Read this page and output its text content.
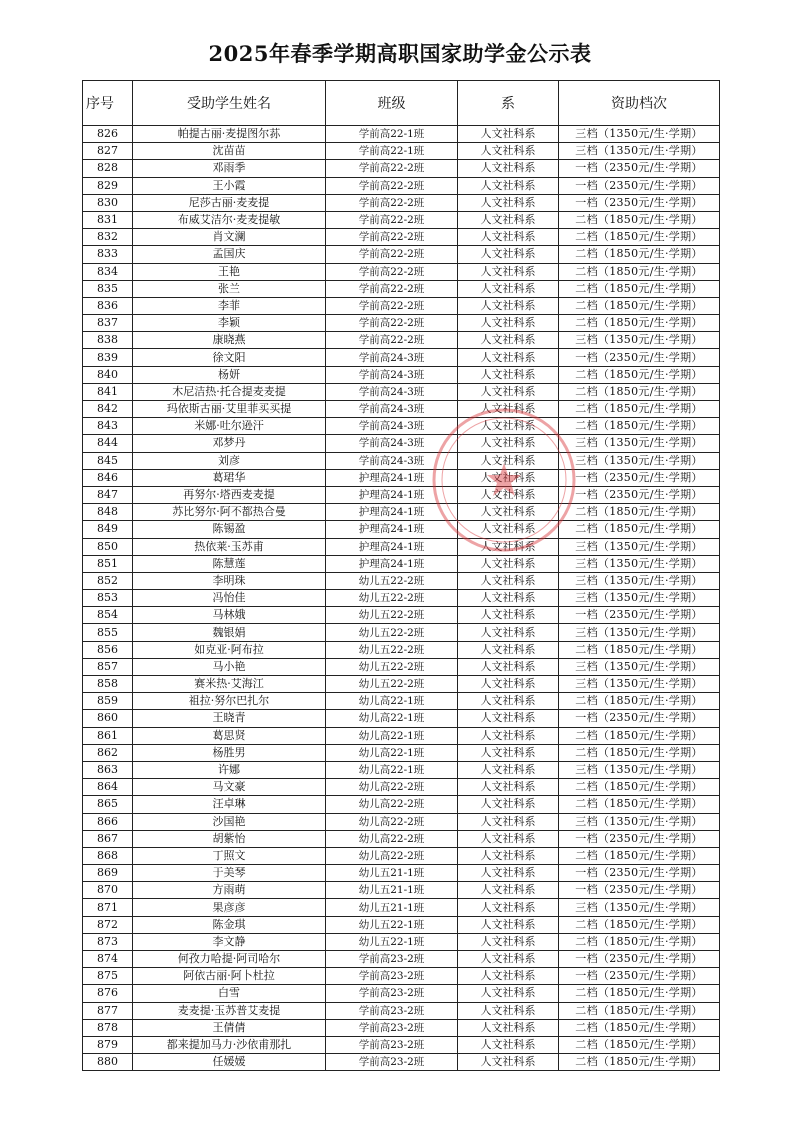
2025年春季学期高职国家助学金公示表
序号	受助学生姓名	班级	系	资助档次
826	帕提古丽·麦提图尔荪	学前高22-1班	人文社科系	三档（1350元/生·学期）
827	沈苗苗	学前高22-1班	人文社科系	三档（1350元/生·学期）
828	邓雨季	学前高22-2班	人文社科系	一档（2350元/生·学期）
829	王小霞	学前高22-2班	人文社科系	一档（2350元/生·学期）
830	尼莎古丽·麦麦提	学前高22-2班	人文社科系	一档（2350元/生·学期）
831	布威艾洁尔·麦麦提敏	学前高22-2班	人文社科系	二档（1850元/生·学期）
832	肖文澜	学前高22-2班	人文社科系	二档（1850元/生·学期）
833	孟国庆	学前高22-2班	人文社科系	二档（1850元/生·学期）
834	王艳	学前高22-2班	人文社科系	二档（1850元/生·学期）
835	张兰	学前高22-2班	人文社科系	二档（1850元/生·学期）
836	李菲	学前高22-2班	人文社科系	二档（1850元/生·学期）
837	李颖	学前高22-2班	人文社科系	二档（1850元/生·学期）
838	康晓燕	学前高22-2班	人文社科系	三档（1350元/生·学期）
839	徐文阳	学前高24-3班	人文社科系	一档（2350元/生·学期）
840	杨妍	学前高24-3班	人文社科系	二档（1850元/生·学期）
841	木尼洁热·托合提麦麦提	学前高24-3班	人文社科系	二档（1850元/生·学期）
842	玛依斯古丽·艾里菲买买提	学前高24-3班	人文社科系	二档（1850元/生·学期）
843	米娜·吐尔逊汗	学前高24-3班	人文社科系	二档（1850元/生·学期）
844	邓梦丹	学前高24-3班	人文社科系	三档（1350元/生·学期）
845	刘彦	学前高24-3班	人文社科系	三档（1350元/生·学期）
846	葛珺华	护理高24-1班	人文社科系	一档（2350元/生·学期）
847	再努尔·塔西麦麦提	护理高24-1班	人文社科系	一档（2350元/生·学期）
848	苏比努尔·阿不都热合曼	护理高24-1班	人文社科系	二档（1850元/生·学期）
849	陈锡盈	护理高24-1班	人文社科系	二档（1850元/生·学期）
850	热依莱·玉苏甫	护理高24-1班	人文社科系	三档（1350元/生·学期）
851	陈慧莲	护理高24-1班	人文社科系	三档（1350元/生·学期）
852	李明珠	幼儿五22-2班	人文社科系	三档（1350元/生·学期）
853	冯怡佳	幼儿五22-2班	人文社科系	三档（1350元/生·学期）
854	马林娥	幼儿五22-2班	人文社科系	一档（2350元/生·学期）
855	魏银娟	幼儿五22-2班	人文社科系	三档（1350元/生·学期）
856	如克亚·阿布拉	幼儿五22-2班	人文社科系	二档（1850元/生·学期）
857	马小艳	幼儿五22-2班	人文社科系	三档（1350元/生·学期）
858	赛米热·艾海江	幼儿五22-2班	人文社科系	三档（1350元/生·学期）
859	祖拉·努尔巴扎尔	幼儿高22-1班	人文社科系	二档（1850元/生·学期）
860	王晓青	幼儿高22-1班	人文社科系	一档（2350元/生·学期）
861	葛思贤	幼儿高22-1班	人文社科系	二档（1850元/生·学期）
862	杨胜男	幼儿高22-1班	人文社科系	二档（1850元/生·学期）
863	许娜	幼儿高22-1班	人文社科系	三档（1350元/生·学期）
864	马文豪	幼儿高22-2班	人文社科系	二档（1850元/生·学期）
865	汪卓琳	幼儿高22-2班	人文社科系	二档（1850元/生·学期）
866	沙国艳	幼儿高22-2班	人文社科系	三档（1350元/生·学期）
867	胡紫怡	幼儿高22-2班	人文社科系	一档（2350元/生·学期）
868	丁照文	幼儿高22-2班	人文社科系	二档（1850元/生·学期）
869	于美琴	幼儿五21-1班	人文社科系	一档（2350元/生·学期）
870	方雨萌	幼儿五21-1班	人文社科系	一档（2350元/生·学期）
871	果彦彦	幼儿五21-1班	人文社科系	三档（1350元/生·学期）
872	陈金琪	幼儿五22-1班	人文社科系	二档（1850元/生·学期）
873	李文静	幼儿五22-1班	人文社科系	二档（1850元/生·学期）
874	何孜力哈提·阿司哈尔	学前高23-2班	人文社科系	一档（2350元/生·学期）
875	阿依古丽·阿卜杜拉	学前高23-2班	人文社科系	一档（2350元/生·学期）
876	白雪	学前高23-2班	人文社科系	二档（1850元/生·学期）
877	麦麦提·玉苏普艾麦提	学前高23-2班	人文社科系	二档（1850元/生·学期）
878	王倩倩	学前高23-2班	人文社科系	二档（1850元/生·学期）
879	都来提加马力·沙依甫那扎	学前高23-2班	人文社科系	二档（1850元/生·学期）
880	任媛媛	学前高23-2班	人文社科系	二档（1850元/生·学期）
